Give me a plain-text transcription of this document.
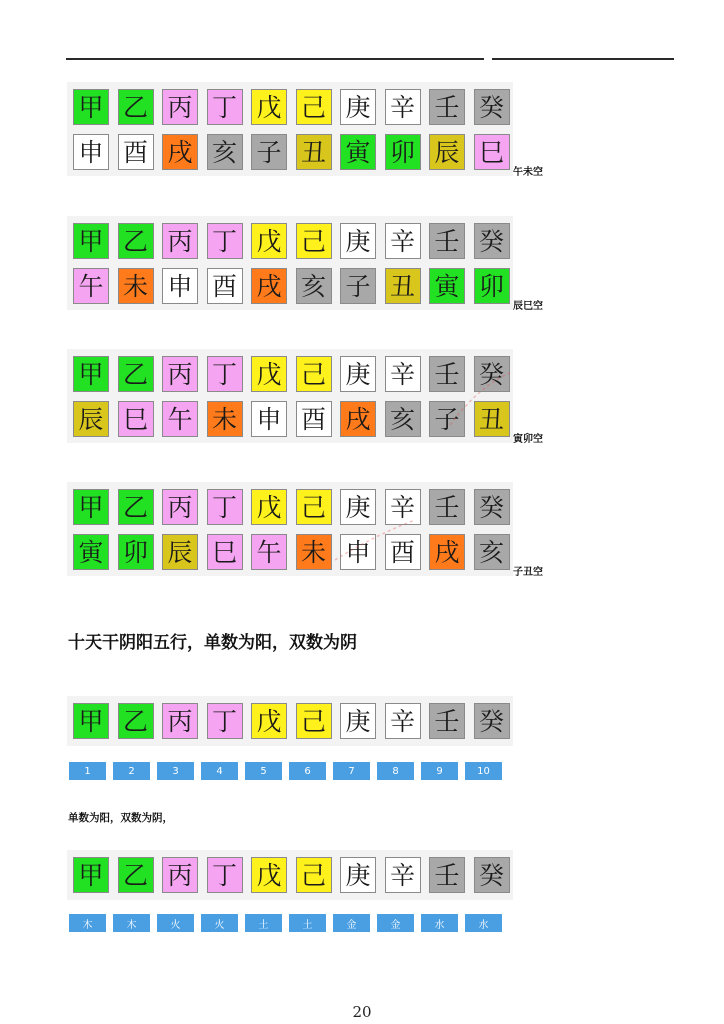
甲 乙 丙 丁 戊 己 庚 辛 壬 癸
申 酉 戌 亥 子 丑 寅 卯 辰 巳
午未空
甲 乙 丙 丁 戊 己 庚 辛 壬 癸
午 未 申 酉 戌 亥 子 丑 寅 卯
辰巳空
甲 乙 丙 丁 戊 己 庚 辛 壬 癸
辰 巳 午 未 申 酉 戌 亥 子 丑
寅卯空
甲 乙 丙 丁 戊 己 庚 辛 壬 癸
寅 卯 辰 巳 午 未 申 酉 戌 亥
子丑空
十天干阴阳五行，单数为阳，双数为阴
甲 乙 丙 丁 戊 己 庚 辛 壬 癸
1	2	3	4	5	6	7	8	9	10
单数为阳，双数为阴，
甲 乙 丙 丁 戊 己 庚 辛 壬 癸
木	木	火	火	土	土	金	金	水	水
20
